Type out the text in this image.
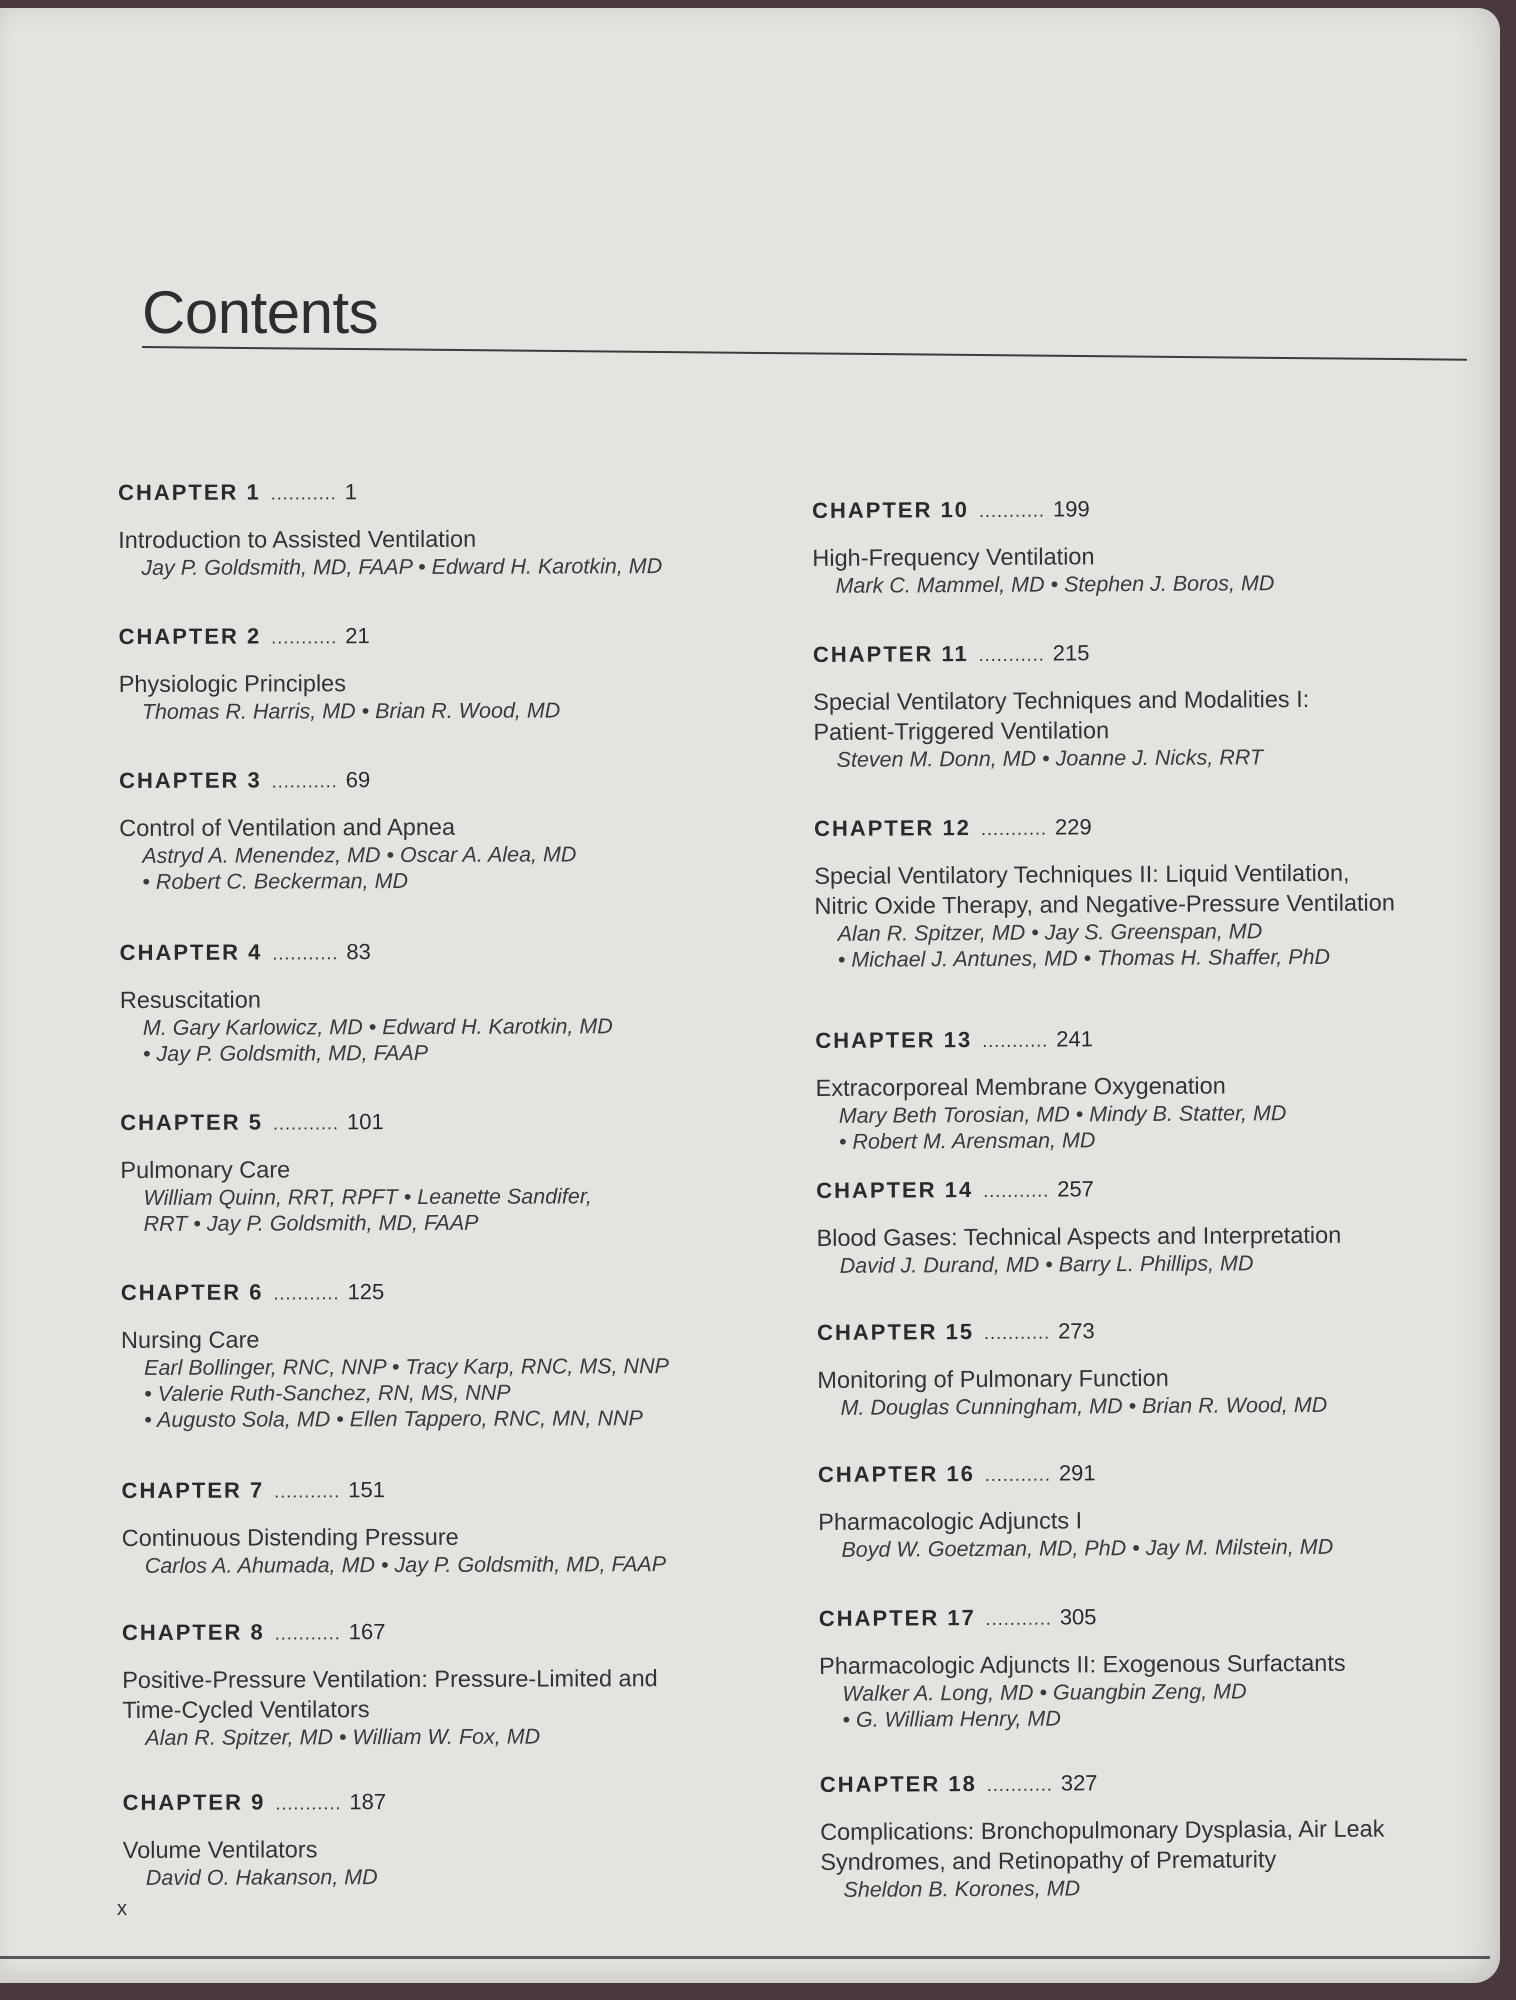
Contents
CHAPTER 1 ........... 1
Introduction to Assisted Ventilation
Jay P. Goldsmith, MD, FAAP • Edward H. Karotkin, MD
CHAPTER 2 ........... 21
Physiologic Principles
Thomas R. Harris, MD • Brian R. Wood, MD
CHAPTER 3 ........... 69
Control of Ventilation and Apnea
Astryd A. Menendez, MD • Oscar A. Alea, MD
• Robert C. Beckerman, MD
CHAPTER 4 ........... 83
Resuscitation
M. Gary Karlowicz, MD • Edward H. Karotkin, MD
• Jay P. Goldsmith, MD, FAAP
CHAPTER 5 ........... 101
Pulmonary Care
William Quinn, RRT, RPFT • Leanette Sandifer,
RRT • Jay P. Goldsmith, MD, FAAP
CHAPTER 6 ........... 125
Nursing Care
Earl Bollinger, RNC, NNP • Tracy Karp, RNC, MS, NNP
• Valerie Ruth-Sanchez, RN, MS, NNP
• Augusto Sola, MD • Ellen Tappero, RNC, MN, NNP
CHAPTER 7 ........... 151
Continuous Distending Pressure
Carlos A. Ahumada, MD • Jay P. Goldsmith, MD, FAAP
CHAPTER 8 ........... 167
Positive-Pressure Ventilation: Pressure-Limited and
Time-Cycled Ventilators
Alan R. Spitzer, MD • William W. Fox, MD
CHAPTER 9 ........... 187
Volume Ventilators
David O. Hakanson, MD
CHAPTER 10 ........... 199
High-Frequency Ventilation
Mark C. Mammel, MD • Stephen J. Boros, MD
CHAPTER 11 ........... 215
Special Ventilatory Techniques and Modalities I:
Patient-Triggered Ventilation
Steven M. Donn, MD • Joanne J. Nicks, RRT
CHAPTER 12 ........... 229
Special Ventilatory Techniques II: Liquid Ventilation,
Nitric Oxide Therapy, and Negative-Pressure Ventilation
Alan R. Spitzer, MD • Jay S. Greenspan, MD
• Michael J. Antunes, MD • Thomas H. Shaffer, PhD
CHAPTER 13 ........... 241
Extracorporeal Membrane Oxygenation
Mary Beth Torosian, MD • Mindy B. Statter, MD
• Robert M. Arensman, MD
CHAPTER 14 ........... 257
Blood Gases: Technical Aspects and Interpretation
David J. Durand, MD • Barry L. Phillips, MD
CHAPTER 15 ........... 273
Monitoring of Pulmonary Function
M. Douglas Cunningham, MD • Brian R. Wood, MD
CHAPTER 16 ........... 291
Pharmacologic Adjuncts I
Boyd W. Goetzman, MD, PhD • Jay M. Milstein, MD
CHAPTER 17 ........... 305
Pharmacologic Adjuncts II: Exogenous Surfactants
Walker A. Long, MD • Guangbin Zeng, MD
• G. William Henry, MD
CHAPTER 18 ........... 327
Complications: Bronchopulmonary Dysplasia, Air Leak
Syndromes, and Retinopathy of Prematurity
Sheldon B. Korones, MD
x
